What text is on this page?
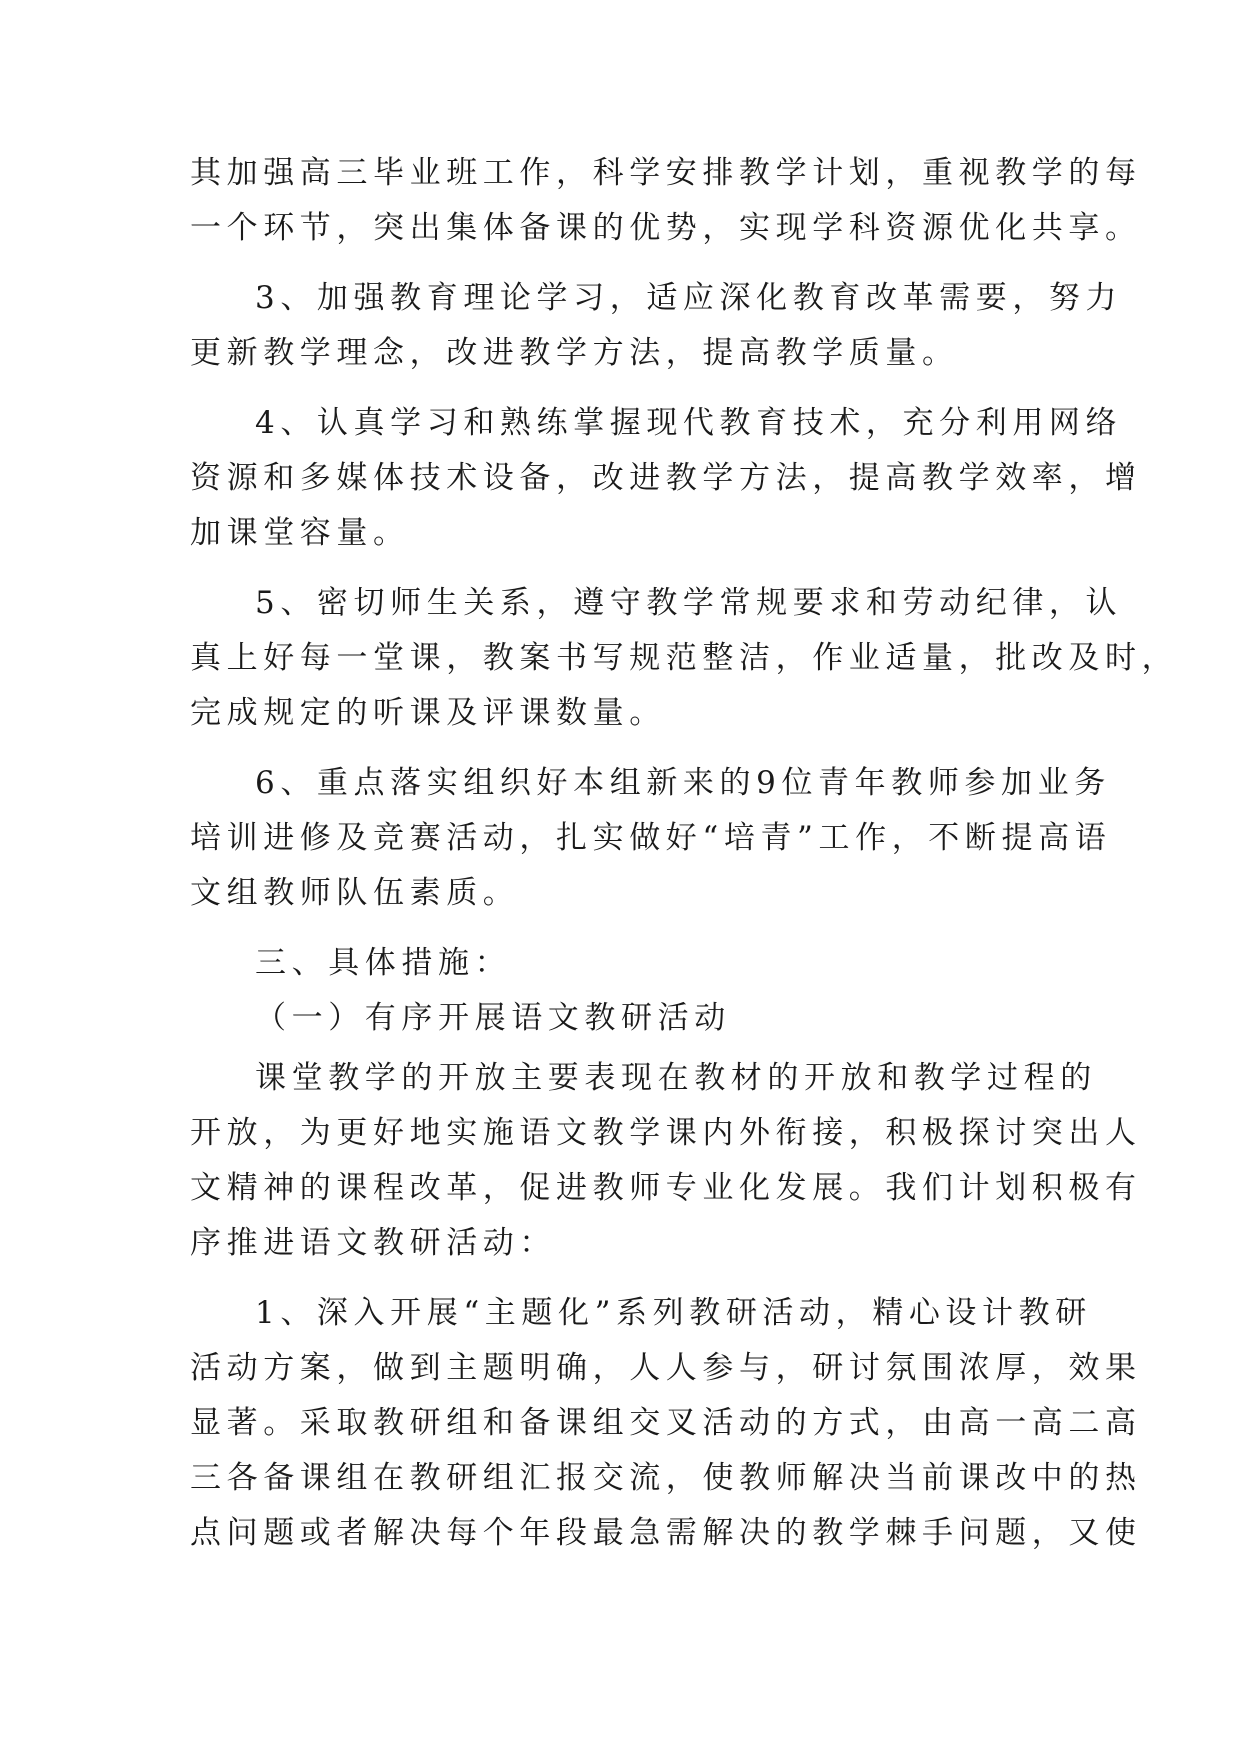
其加强高三毕业班工作，科学安排教学计划，重视教学的每
一个环节，突出集体备课的优势，实现学科资源优化共享。
3、加强教育理论学习，适应深化教育改革需要，努力
更新教学理念，改进教学方法，提高教学质量。
4、认真学习和熟练掌握现代教育技术，充分利用网络
资源和多媒体技术设备，改进教学方法，提高教学效率，增
加课堂容量。
5、密切师生关系，遵守教学常规要求和劳动纪律，认
真上好每一堂课，教案书写规范整洁，作业适量，批改及时，
完成规定的听课及评课数量。
6、重点落实组织好本组新来的9位青年教师参加业务
培训进修及竞赛活动，扎实做好“培青”工作，不断提高语
文组教师队伍素质。
三、具体措施：
（一）有序开展语文教研活动
课堂教学的开放主要表现在教材的开放和教学过程的
开放，为更好地实施语文教学课内外衔接，积极探讨突出人
文精神的课程改革，促进教师专业化发展。我们计划积极有
序推进语文教研活动：
1、深入开展“主题化”系列教研活动，精心设计教研
活动方案，做到主题明确，人人参与，研讨氛围浓厚，效果
显著。采取教研组和备课组交叉活动的方式，由高一高二高
三各备课组在教研组汇报交流，使教师解决当前课改中的热
点问题或者解决每个年段最急需解决的教学棘手问题，又使
